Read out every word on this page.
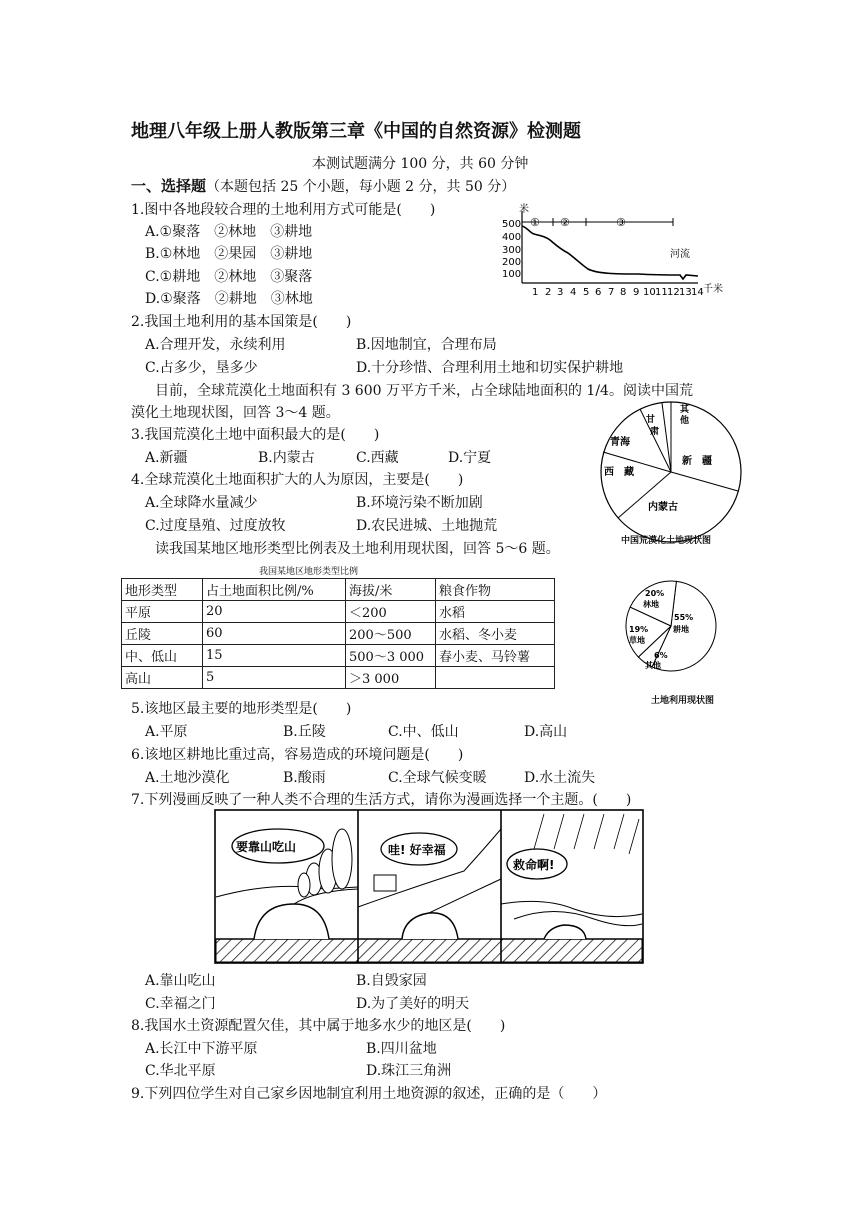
地理八年级上册人教版第三章《中国的自然资源》检测题
本测试题满分 100 分，共 60 分钟
一、选择题（本题包括 25 个小题，每小题 2 分，共 50 分）
1.图中各地段较合理的土地利用方式可能是(　　)
A.①聚落　②林地　③耕地
B.①林地　②果园　③耕地
C.①耕地　②林地　③聚落
D.①聚落　②耕地　③林地
米
500
400
300
200
100
① ②	③
河流
1 2 3 4 5 6 7 8 9 10 11 12 13 14 千米
2.我国土地利用的基本国策是(　　)
A.合理开发，永续利用	B.因地制宜，合理布局
C.占多少，垦多少	D.十分珍惜、合理利用土地和切实保护耕地
目前，全球荒漠化土地面积有 3 600 万平方千米，占全球陆地面积的 1/4。阅读中国荒
漠化土地现状图，回答 3～4 题。
3.我国荒漠化土地中面积最大的是(　　)
A.新疆	B.内蒙古	C.西藏	D.宁夏
4.全球荒漠化土地面积扩大的人为原因，主要是(　　)
A.全球降水量减少	B.环境污染不断加剧
C.过度垦殖、过度放牧	D.农民进城、土地抛荒
新　疆
内蒙古
西　藏
青海
甘
肃
其
他
中国荒漠化土地现状图
读我国某地区地形类型比例表及土地利用现状图，回答 5～6 题。
我国某地区地形类型比例
地形类型	占土地面积比例/%	海拔/米	粮食作物
平原	20	＜200	水稻
丘陵	60	200～500	水稻、冬小麦
中、低山	15	500～3 000	春小麦、马铃薯
高山	5	＞3 000	
55%
耕地
6%
其他
19%
草地
20%
林地
土地利用现状图
5.该地区最主要的地形类型是(　　)
A.平原	B.丘陵	C.中、低山	D.高山
6.该地区耕地比重过高，容易造成的环境问题是(　　)
A.土地沙漠化	B.酸雨	C.全球气候变暖	D.水土流失
7.下列漫画反映了一种人类不合理的生活方式，请你为漫画选择一个主题。(　　)
要靠山吃山	哇! 好幸福
救命啊!
A.靠山吃山	B.自毁家园
C.幸福之门	D.为了美好的明天
8.我国水土资源配置欠佳，其中属于地多水少的地区是(　　)
A.长江中下游平原	B.四川盆地
C.华北平原	D.珠江三角洲
9.下列四位学生对自己家乡因地制宜利用土地资源的叙述，正确的是（　　）
